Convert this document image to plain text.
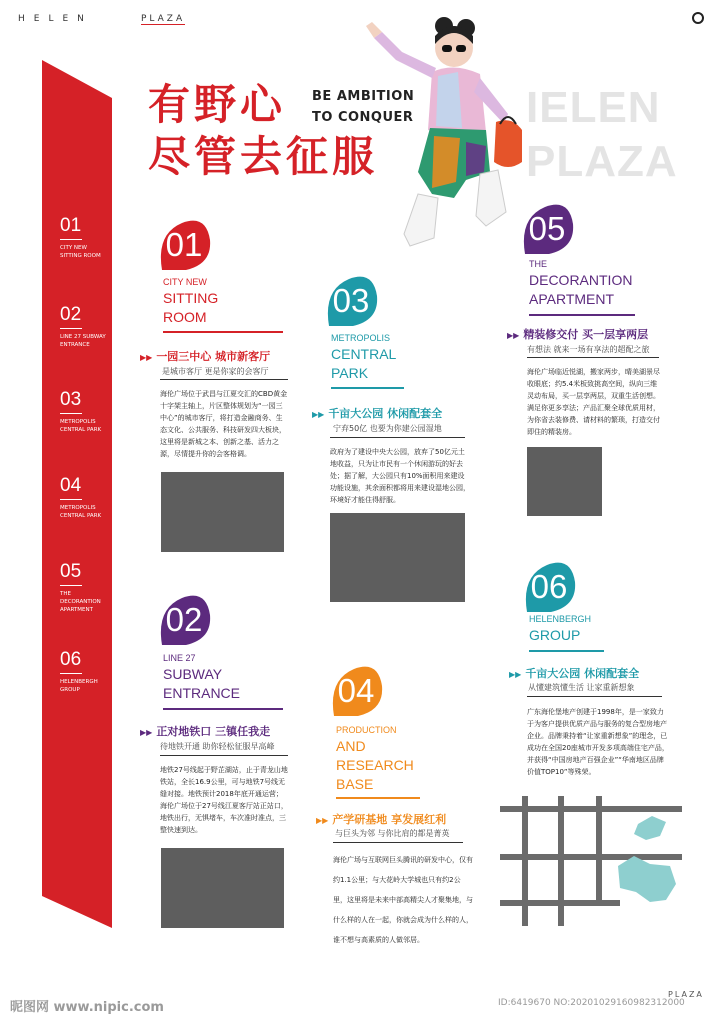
HELEN	PLAZA
01
CITY NEW SITTING ROOM
02
LINE 27 SUBWAY ENTRANCE
03
METROPOLIS CENTRAL PARK
04
METROPOLIS CENTRAL PARK
05
THE DECORANTION APARTMENT
06
HELENBERGH GROUP
有野心
尽管去征服
BE AMBITION
TO CONQUER	IELEN
PLAZA
01
CITY NEW
SITTING
ROOM
▶▶ 一园三中心 城市新客厅
是城市客厅 更是你家的会客厅
海伦广场位于武昌与江夏交汇的CBD黄金十字架主轴上，片区整体规划为“一园三中心”的城市客厅，将打造金融商务、生态文化、公共服务、科技研发四大板块，这里将是新城之本、创新之基、活力之源，尽情提升你的会客格调。
02
LINE 27
SUBWAY
ENTRANCE
▶▶ 正对地铁口 三镇任我走
待地铁开通 助你轻松征服早高峰
地铁27号线起于野芷湖站，止于青龙山地铁站，全长16.9公里，可与地铁7号线无缝对接。地铁预计2018年底开通运营；海伦广场位于27号线江夏客厅站正站口，地铁出行，无惧堵车，车次准时准点，三整快速到达。
03
METROPOLIS
CENTRAL
PARK
▶▶ 千亩大公园 休闲配套全
宁弃50亿 也要为你建公园湿地
政府为了建设中央大公园，放弃了50亿元土地收益，只为让市民有一个休闲游玩的好去处；据了解，大公园只有10%面积用来建设功能设施，其余面积都将用来建设湿地公园，环境好才能住得舒服。
04
PRODUCTION
AND
RESEARCH
BASE
▶▶ 产学研基地 享发展红利
与巨头为邻 与你比肩的都是菁英
海伦广场与互联网巨头腾讯的研发中心，仅有约1.1公里；与大花岭大学城也只有约2公里，这里将是未来中部高精尖人才聚集地，与什么样的人在一起，你就会成为什么样的人，谁不想与高素质的人做邻居。
05
THE
DECORANTION
APARTMENT
▶▶ 精装修交付 买一层享两层
有想法 就来一场有享法的超配之旅
海伦广场临近悦湖，搬家两步，晴美湖景尽收眼底；约5.4米板致挑高空间，纵向三维灵动布局，买一层享两层，双重生活创想。满足你更多享法；产品汇聚全球优质用材，为你省去装修费、请材料的繁琐，打造交付即住的精装房。
06
HELENBERGH
GROUP
▶▶ 千亩大公园 休闲配套全
从懂建筑懂生活 让家重新想象
广东海伦堡地产创建于1998年，是一家致力于为客户提供优质产品与服务的复合型房地产企业。品牌秉持着“让家重新想象”的理念，已成功在全国20座城市开发多项高端住宅产品，并获得“中国房地产百强企业”“华南地区品牌价值TOP10”等殊荣。
昵图网 www.nipic.com	ID:6419670 NO:20201029160982312000
PLAZA
